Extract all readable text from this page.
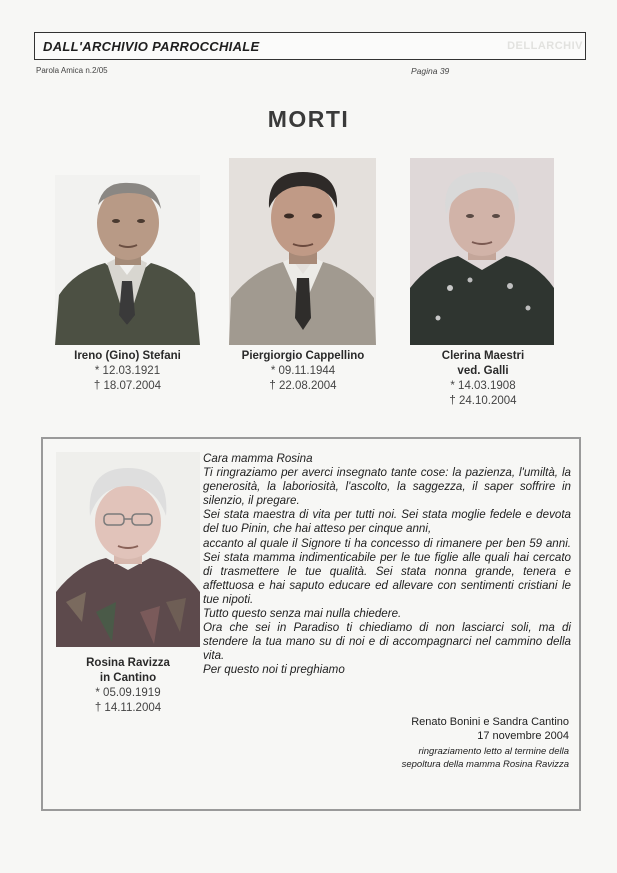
DALL'ARCHIVIO PARROCCHIALE	DELLARCHIV
Parola Amica n.2/05	Pagina 39
MORTI
Ireno (Gino) Stefani
* 12.03.1921
† 18.07.2004
Piergiorgio Cappellino
* 09.11.1944
† 22.08.2004
Clerina Maestri
ved. Galli
* 14.03.1908
† 24.10.2004
Rosina Ravizza
in Cantino
* 05.09.1919
† 14.11.2004

Cara mamma Rosina

Ti ringraziamo per averci insegnato tante cose: la pazienza, l'umiltà, la generosità, la laboriosità, l'ascolto, la saggezza, il saper soffrire in silenzio, il pregare.

Sei stata maestra di vita per tutti noi. Sei stata moglie fedele e devota del tuo Pinin, che hai atteso per cinque anni,

accanto al quale il Signore ti ha concesso di rimanere per ben 59 anni. Sei stata mamma indimenticabile per le tue figlie alle quali hai cercato di trasmettere le tue qualità. Sei stata nonna grande, tenera e affettuosa e hai saputo educare ed allevare con sentimenti cristiani le tue nipoti.

Tutto questo senza mai nulla chiedere.

Ora che sei in Paradiso ti chiediamo di non lasciarci soli, ma di stendere la tua mano su di noi e di accompagnarci nel cammino della vita.

Per questo noi ti preghiamo

Renato Bonini e Sandra Cantino
17 novembre 2004
ringraziamento letto al termine della
sepoltura della mamma Rosina Ravizza
